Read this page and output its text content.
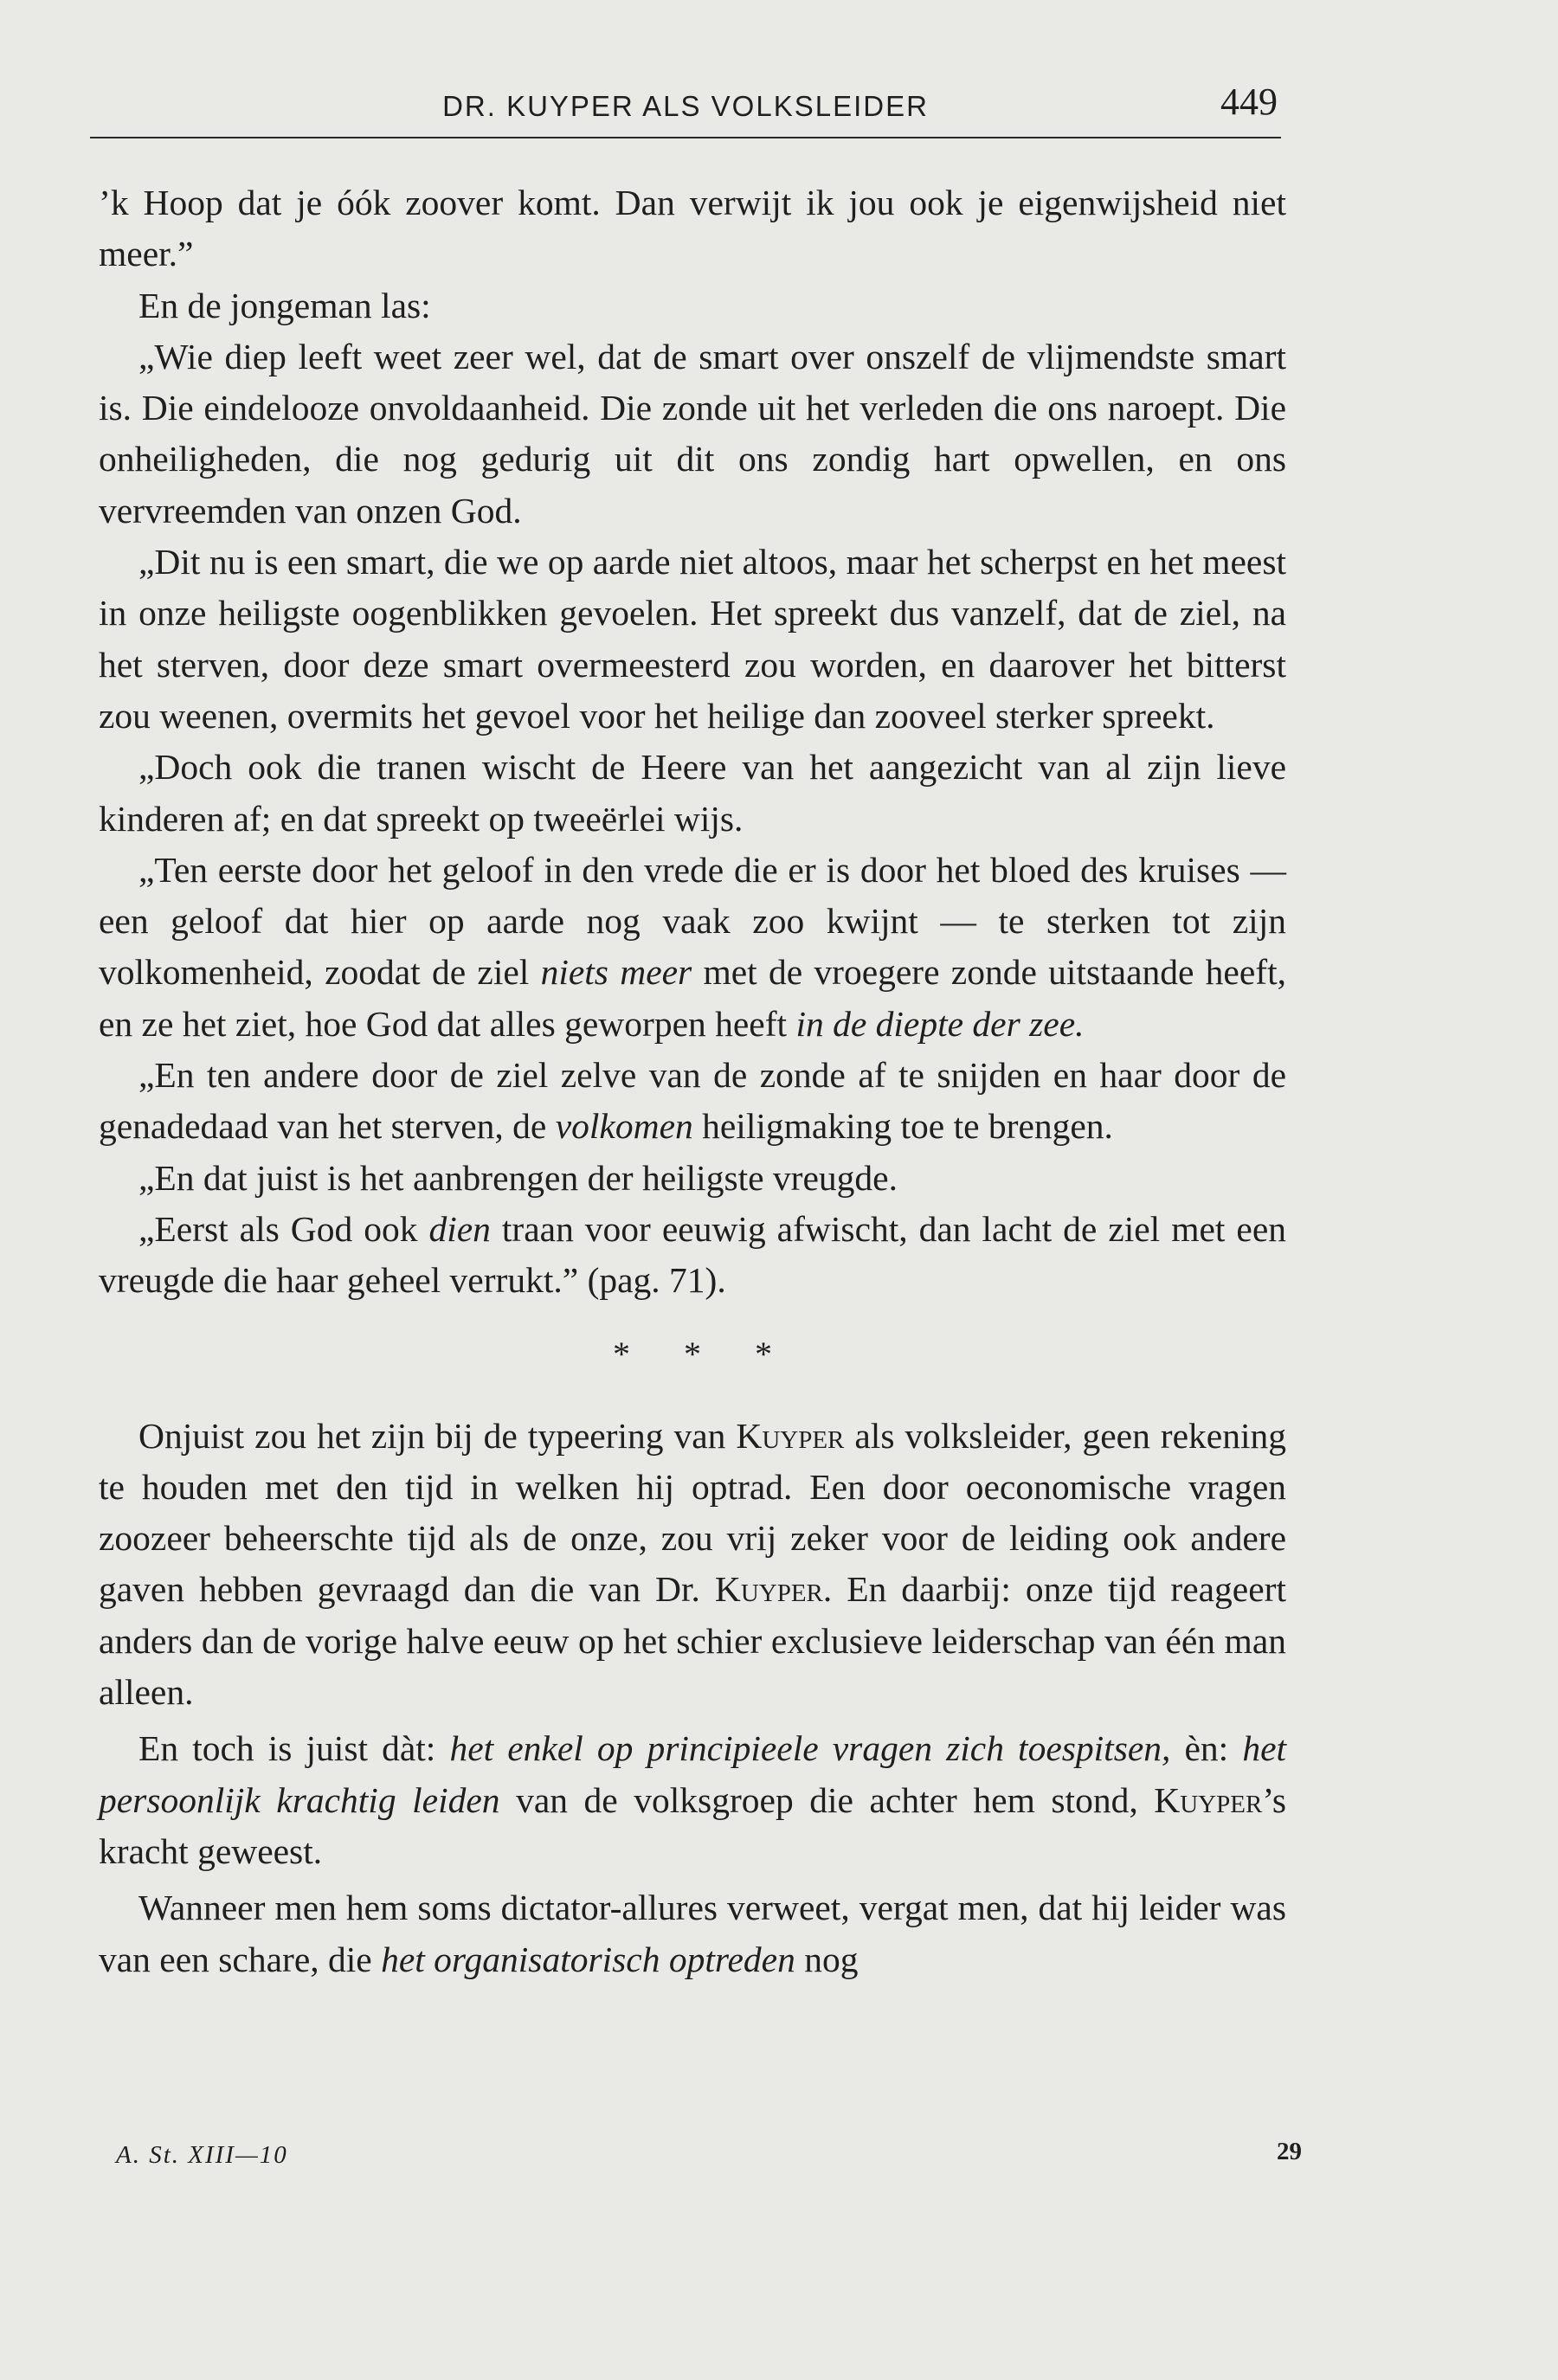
DR. KUYPER ALS VOLKSLEIDER	449

’k Hoop dat je óók zoover komt. Dan verwijt ik jou ook je eigenwijsheid niet meer.”

En de jongeman las:

„Wie diep leeft weet zeer wel, dat de smart over onszelf de vlijmendste smart is. Die eindelooze onvoldaanheid. Die zonde uit het verleden die ons naroept. Die onheiligheden, die nog gedurig uit dit ons zondig hart opwellen, en ons vervreemden van onzen God.

„Dit nu is een smart, die we op aarde niet altoos, maar het scherpst en het meest in onze heiligste oogenblikken gevoelen. Het spreekt dus vanzelf, dat de ziel, na het sterven, door deze smart overmeesterd zou worden, en daarover het bitterst zou weenen, overmits het gevoel voor het heilige dan zooveel sterker spreekt.

„Doch ook die tranen wischt de Heere van het aangezicht van al zijn lieve kinderen af; en dat spreekt op tweeërlei wijs.

„Ten eerste door het geloof in den vrede die er is door het bloed des kruises — een geloof dat hier op aarde nog vaak zoo kwijnt — te sterken tot zijn volkomenheid, zoodat de ziel niets meer met de vroegere zonde uitstaande heeft, en ze het ziet, hoe God dat alles geworpen heeft in de diepte der zee.

„En ten andere door de ziel zelve van de zonde af te snijden en haar door de genadedaad van het sterven, de volkomen heiligmaking toe te brengen.

„En dat juist is het aanbrengen der heiligste vreugde.

„Eerst als God ook dien traan voor eeuwig afwischt, dan lacht de ziel met een vreugde die haar geheel verrukt.” (pag. 71).

* * *

Onjuist zou het zijn bij de typeering van Kuyper als volksleider, geen rekening te houden met den tijd in welken hij optrad. Een door oeconomische vragen zoozeer beheerschte tijd als de onze, zou vrij zeker voor de leiding ook andere gaven hebben gevraagd dan die van Dr. Kuyper. En daarbij: onze tijd reageert anders dan de vorige halve eeuw op het schier exclusieve leiderschap van één man alleen.

En toch is juist dàt: het enkel op principieele vragen zich toespitsen, èn: het persoonlijk krachtig leiden van de volksgroep die achter hem stond, Kuyper’s kracht geweest.

Wanneer men hem soms dictator-allures verweet, vergat men, dat hij leider was van een schare, die het organisatorisch optreden nog

A. St. XIII—10	29
